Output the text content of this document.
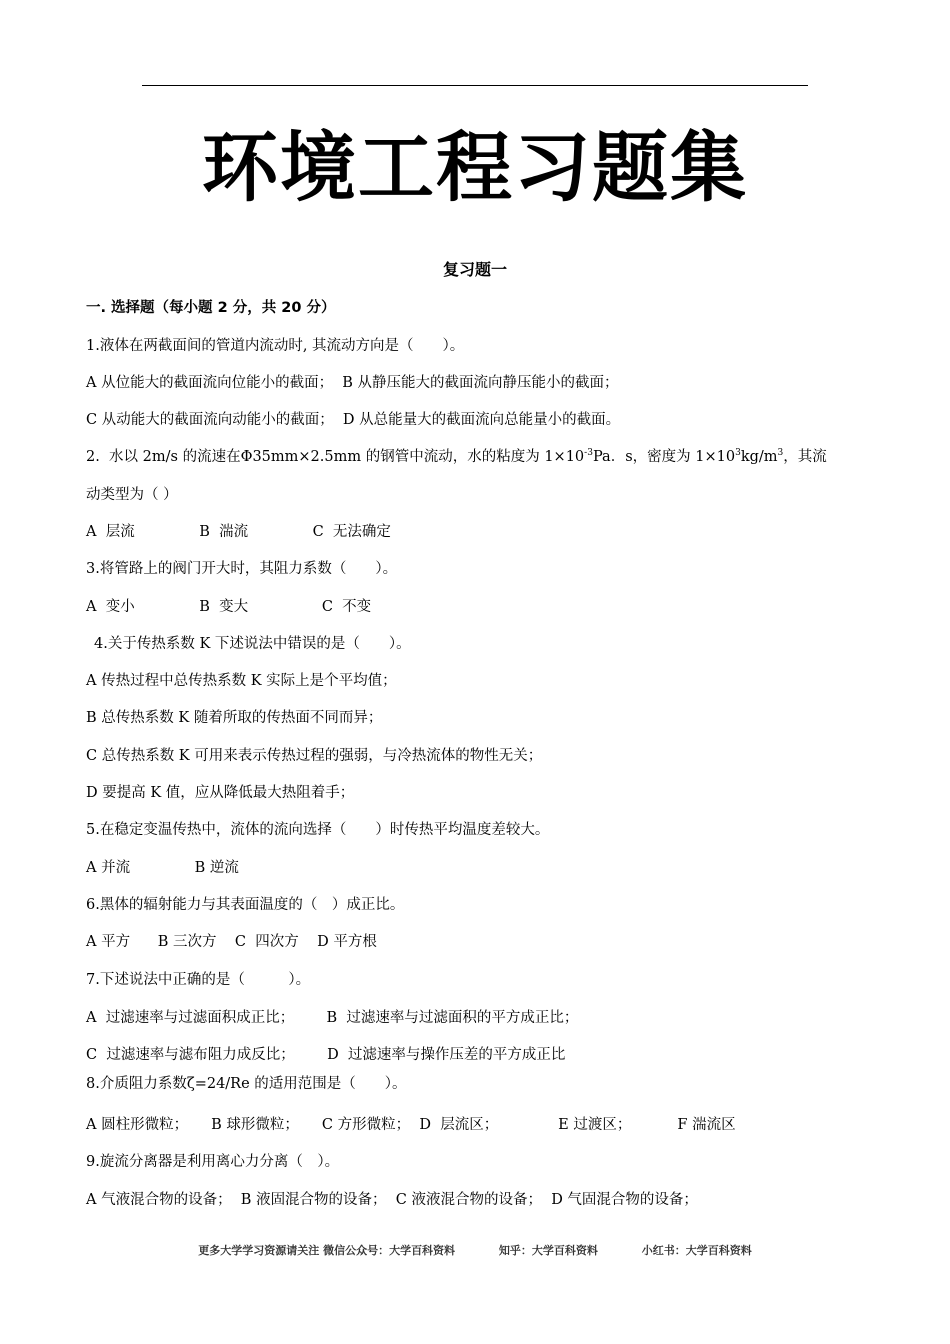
环境工程习题集
复习题一
一. 选择题（每小题 2 分，共 20 分）
1.液体在两截面间的管道内流动时, 其流动方向是（　　）。
A 从位能大的截面流向位能小的截面；  B 从静压能大的截面流向静压能小的截面；
C 从动能大的截面流向动能小的截面；  D 从总能量大的截面流向总能量小的截面。
2.  水以 2m/s 的流速在Φ35mm×2.5mm 的钢管中流动，水的粘度为 $1\times 10^{-3}Pa$．s，密度为 $1\times 10^3kg/m^3$，其流
动类型为（ ）
A  层流              B  湍流              C  无法确定
3.将管路上的阀门开大时，其阻力系数（　　）。
A  变小              B  变大                C  不变
4.关于传热系数 K 下述说法中错误的是（　　）。
A 传热过程中总传热系数 K 实际上是个平均值；
B 总传热系数 K 随着所取的传热面不同而异；
C 总传热系数 K 可用来表示传热过程的强弱，与冷热流体的物性无关；
D 要提高 K 值，应从降低最大热阻着手；
5.在稳定变温传热中，流体的流向选择（　　）时传热平均温度差较大。
A 并流              B 逆流
6.黑体的辐射能力与其表面温度的（　）成正比。
A 平方      B 三次方    C  四次方    D 平方根
7.下述说法中正确的是（　　　）。
A  过滤速率与过滤面积成正比；       B  过滤速率与过滤面积的平方成正比；
C  过滤速率与滤布阻力成反比；       D  过滤速率与操作压差的平方成正比
8.介质阻力系数ζ=24/Re 的适用范围是（　　）。
A 圆柱形微粒；     B 球形微粒；     C 方形微粒；  D  层流区；             E 过渡区；          F 湍流区
9.旋流分离器是利用离心力分离（　）。
A 气液混合物的设备；  B 液固混合物的设备；  C 液液混合物的设备；  D 气固混合物的设备；
更多大学学习资源请关注 微信公众号：大学百科资料	知乎：大学百科资料	小红书：大学百科资料
